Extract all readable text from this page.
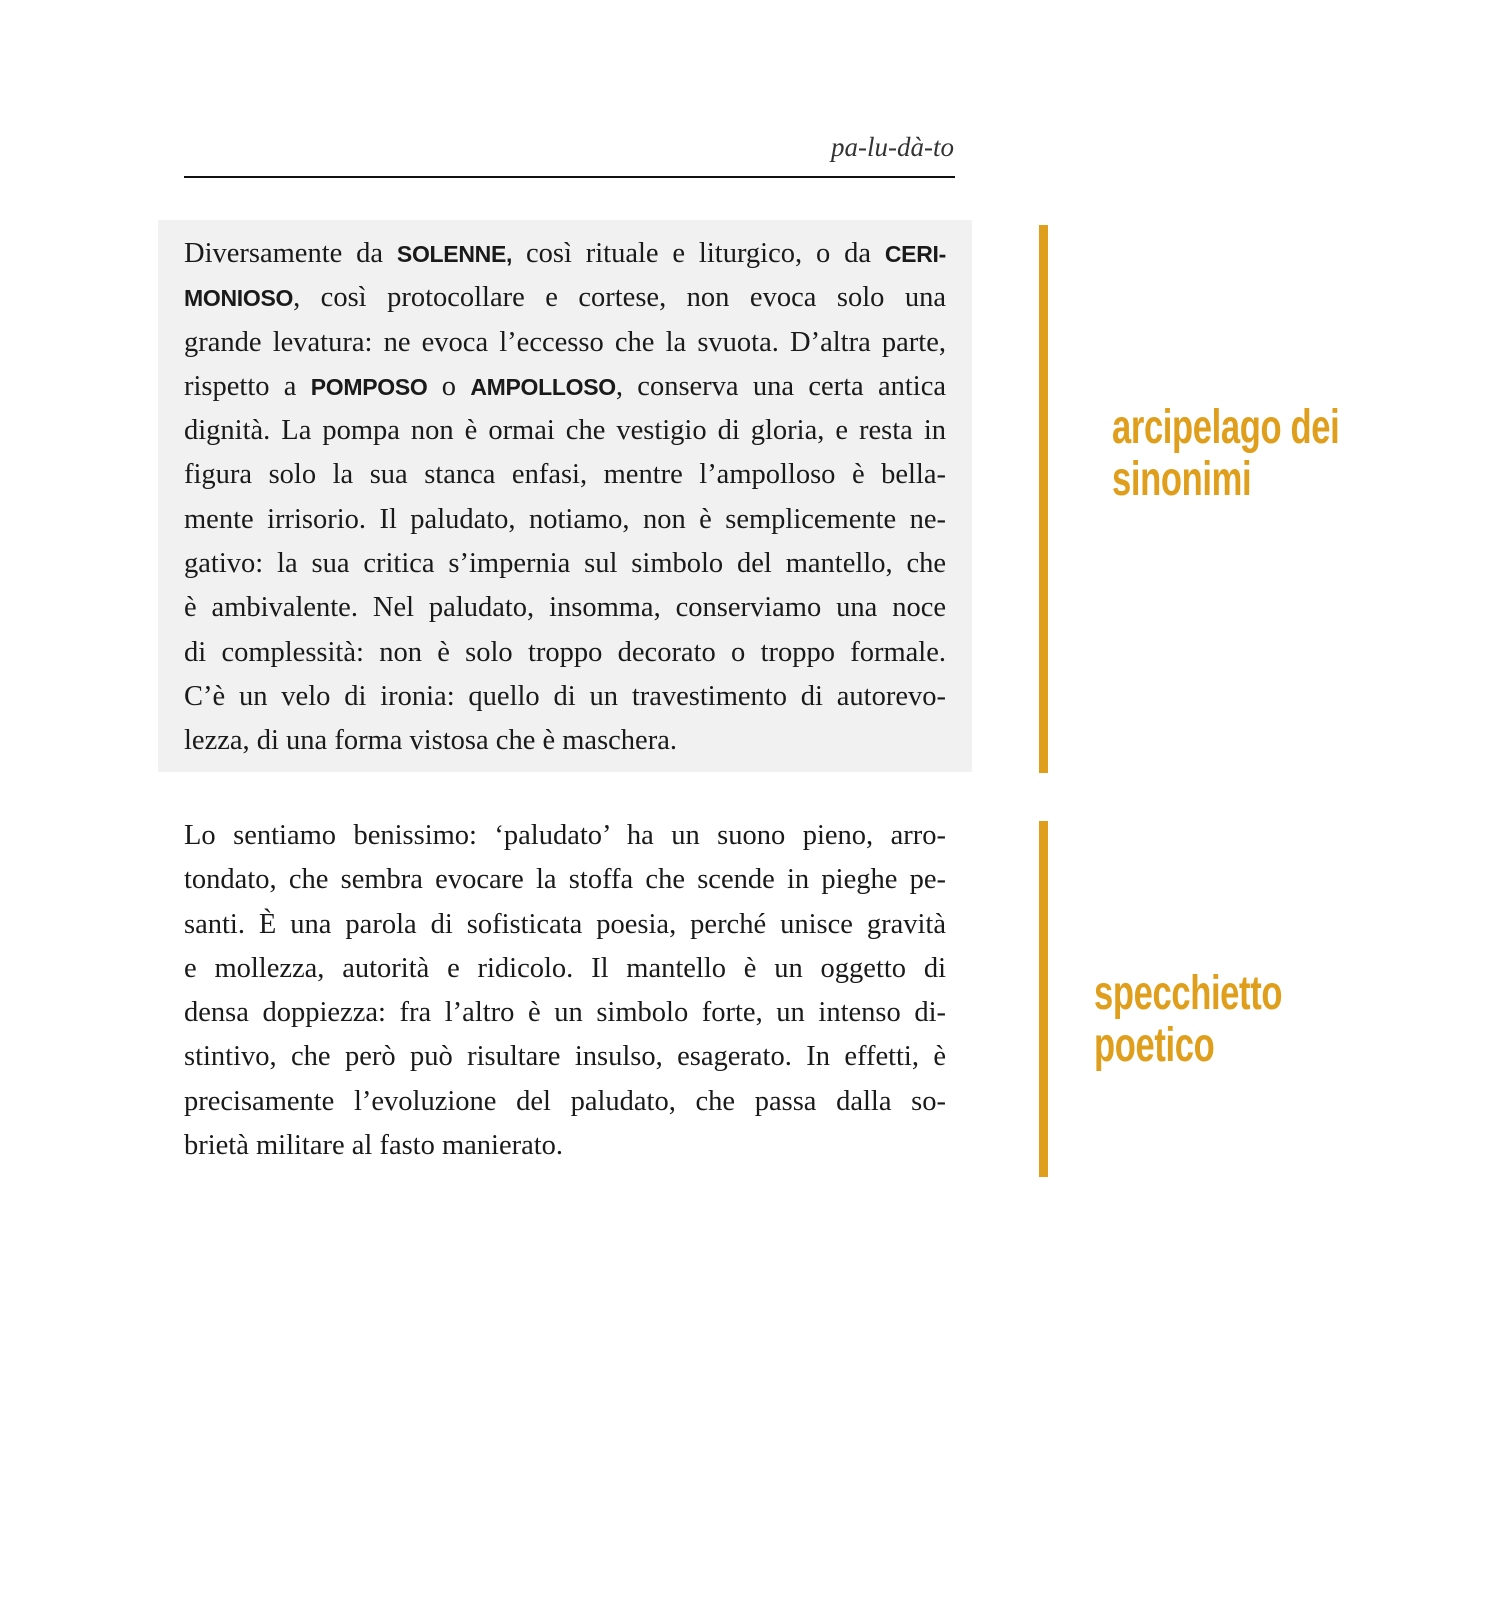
pa-lu-dà-to
Diversamente da SOLENNE, così rituale e liturgico, o da CERI-
MONIOSO, così protocollare e cortese, non evoca solo una
grande levatura: ne evoca l’eccesso che la svuota. D’altra parte,
rispetto a POMPOSO o AMPOLLOSO, conserva una certa antica
dignità. La pompa non è ormai che vestigio di gloria, e resta in
figura solo la sua stanca enfasi, mentre l’ampolloso è bella-
mente irrisorio. Il paludato, notiamo, non è semplicemente ne-
gativo: la sua critica s’impernia sul simbolo del mantello, che
è ambivalente. Nel paludato, insomma, conserviamo una noce
di complessità: non è solo troppo decorato o troppo formale.
C’è un velo di ironia: quello di un travestimento di autorevo-
lezza, di una forma vistosa che è maschera.
Lo sentiamo benissimo: ‘paludato’ ha un suono pieno, arro-
tondato, che sembra evocare la stoffa che scende in pieghe pe-
santi. È una parola di sofisticata poesia, perché unisce gravità
e mollezza, autorità e ridicolo. Il mantello è un oggetto di
densa doppiezza: fra l’altro è un simbolo forte, un intenso di-
stintivo, che però può risultare insulso, esagerato. In effetti, è
precisamente l’evoluzione del paludato, che passa dalla so-
brietà militare al fasto manierato.
arcipelago dei
sinonimi
specchietto
poetico
